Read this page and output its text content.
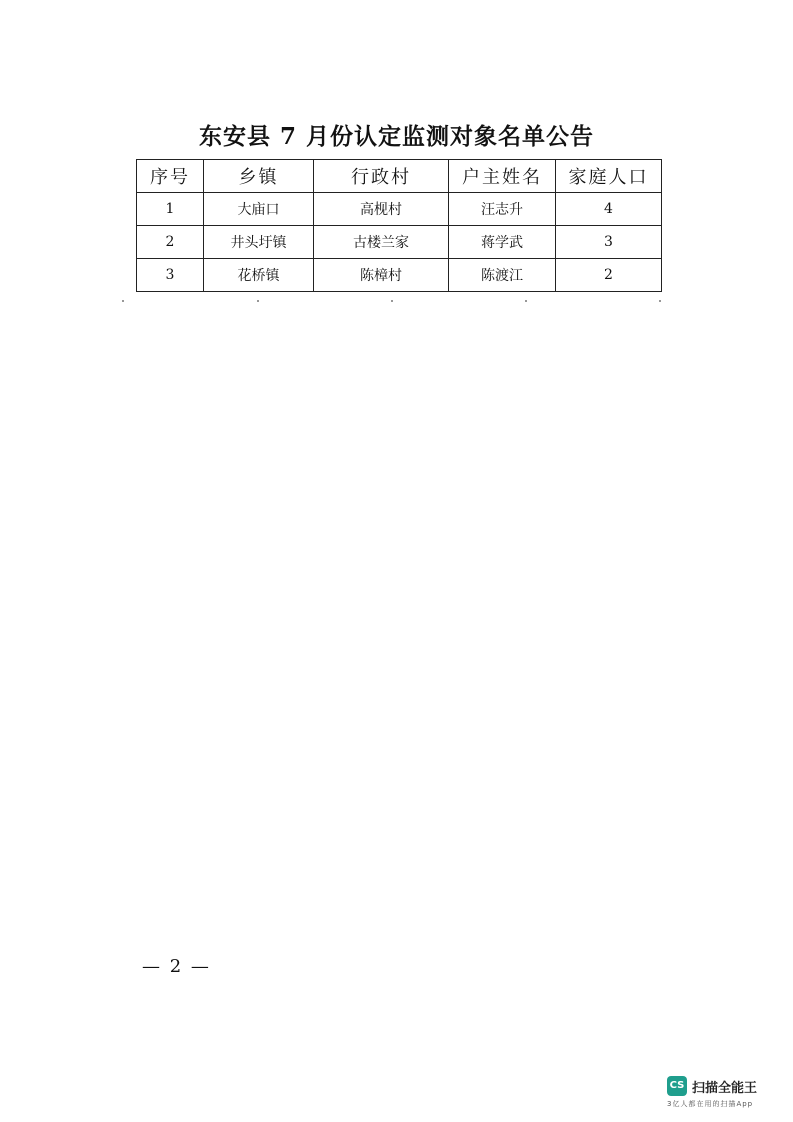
东安县 7 月份认定监测对象名单公告
序号	乡镇	行政村	户主姓名	家庭人口
1	大庙口	高枧村	汪志升	4
2	井头圩镇	古楼兰家	蒋学武	3
3	花桥镇	陈樟村	陈渡江	2
— 2 —
CS 扫描全能王
3亿人都在用的扫描App
